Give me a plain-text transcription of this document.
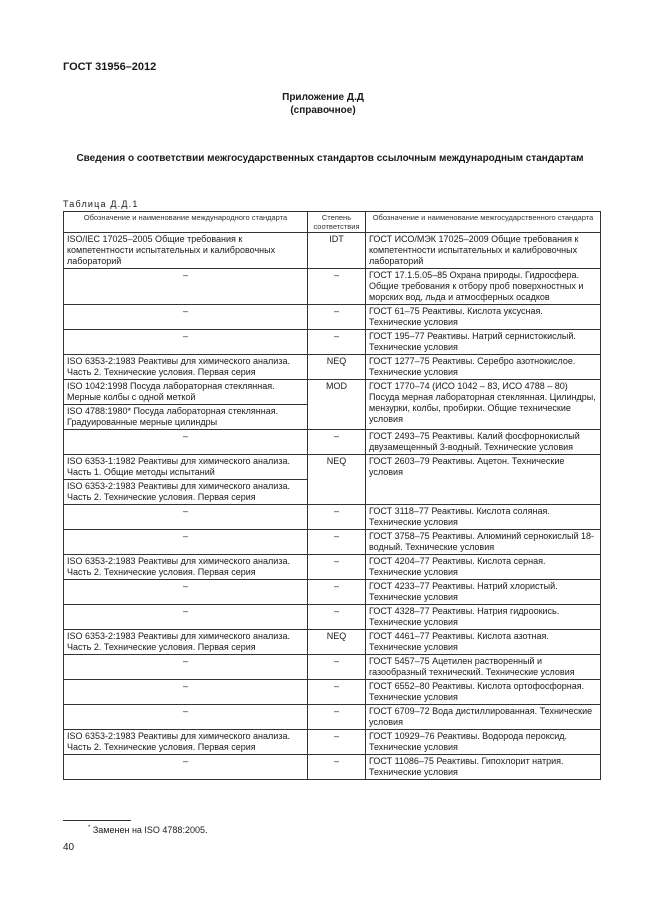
ГОСТ 31956–2012
Приложение Д.Д
(справочное)
Сведения о соответствии межгосударственных стандартов ссылочным международным стандартам
Таблица Д.Д.1
Обозначение и наименование международного стандарта	Степень соответствия	Обозначение и наименование межгосударственного стандарта
ISO/IEC 17025–2005 Общие требования к компетентности испытательных и калибровочных лабораторий	IDT	ГОСТ ИСО/МЭК 17025–2009 Общие требования к компетентности испытательных и калибровочных лабораторий
–	–	ГОСТ 17.1.5.05–85 Охрана природы. Гидросфера. Общие требования к отбору проб поверхностных и морских вод, льда и атмосферных осадков
–	–	ГОСТ 61–75 Реактивы. Кислота уксусная. Технические условия
–	–	ГОСТ 195–77 Реактивы. Натрий сернистокислый. Технические условия
ISO 6353-2:1983 Реактивы для химического анализа. Часть 2. Технические условия. Первая серия	NEQ	ГОСТ 1277–75 Реактивы. Серебро азотнокислое. Технические условия
ISO 1042:1998 Посуда лабораторная стеклянная. Мерные колбы с одной меткой	MOD	ГОСТ 1770–74 (ИСО 1042 – 83, ИСО 4788 – 80) Посуда мерная лабораторная стеклянная. Цилиндры, мензурки, колбы, пробирки. Общие технические условия
ISO 4788:1980* Посуда лабораторная стеклянная. Градуированные мерные цилиндры		
–	–	ГОСТ 2493–75 Реактивы. Калий фосфорнокислый двузамещенный 3-водный. Технические условия
ISO 6353-1:1982 Реактивы для химического анализа. Часть 1. Общие методы испытаний	NEQ	ГОСТ 2603–79 Реактивы. Ацетон. Технические условия
ISO 6353-2:1983 Реактивы для химического анализа. Часть 2. Технические условия. Первая серия		
–	–	ГОСТ 3118–77 Реактивы. Кислота соляная. Технические условия
–	–	ГОСТ 3758–75 Реактивы. Алюминий сернокислый 18-водный. Технические условия
ISO 6353-2:1983 Реактивы для химического анализа. Часть 2. Технические условия. Первая серия	–	ГОСТ 4204–77 Реактивы. Кислота серная. Технические условия
–	–	ГОСТ 4233–77 Реактивы. Натрий хлористый. Технические условия
–	–	ГОСТ 4328–77 Реактивы. Натрия гидроокись. Технические условия
ISO 6353-2:1983 Реактивы для химического анализа. Часть 2. Технические условия. Первая серия	NEQ	ГОСТ 4461–77 Реактивы. Кислота азотная. Технические условия
–	–	ГОСТ 5457–75 Ацетилен растворенный и газообразный технический. Технические условия
–	–	ГОСТ 6552–80 Реактивы. Кислота ортофосфорная. Технические условия
–	–	ГОСТ 6709–72 Вода дистиллированная. Технические условия
ISO 6353-2:1983 Реактивы для химического анализа. Часть 2. Технические условия. Первая серия	–	ГОСТ 10929–76 Реактивы. Водорода пероксид. Технические условия
–	–	ГОСТ 11086–75 Реактивы. Гипохлорит натрия. Технические условия
* Заменен на ISO 4788:2005.
40
